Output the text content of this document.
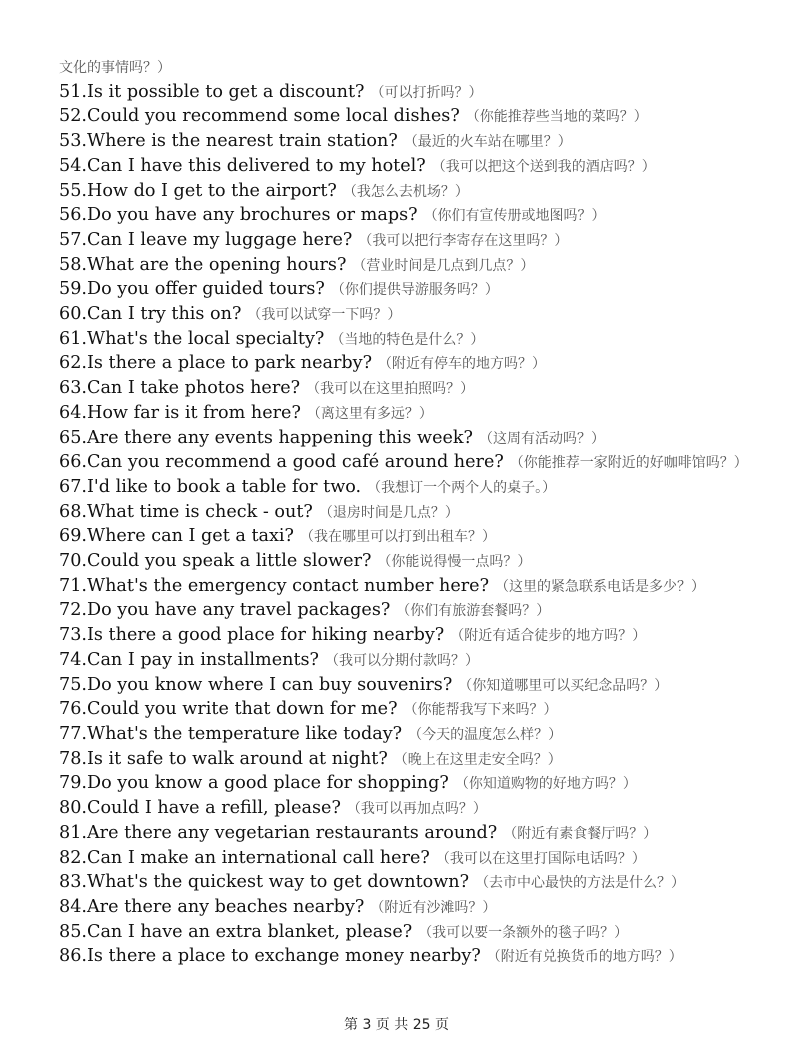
文化的事情吗？）
51.Is it possible to get a discount? （可以打折吗？）
52.Could you recommend some local dishes? （你能推荐些当地的菜吗？）
53.Where is the nearest train station? （最近的火车站在哪里？）
54.Can I have this delivered to my hotel? （我可以把这个送到我的酒店吗？）
55.How do I get to the airport? （我怎么去机场？）
56.Do you have any brochures or maps? （你们有宣传册或地图吗？）
57.Can I leave my luggage here? （我可以把行李寄存在这里吗？）
58.What are the opening hours? （营业时间是几点到几点？）
59.Do you offer guided tours? （你们提供导游服务吗？）
60.Can I try this on? （我可以试穿一下吗？）
61.What's the local specialty? （当地的特色是什么？）
62.Is there a place to park nearby? （附近有停车的地方吗？）
63.Can I take photos here? （我可以在这里拍照吗？）
64.How far is it from here? （离这里有多远？）
65.Are there any events happening this week? （这周有活动吗？）
66.Can you recommend a good café around here? （你能推荐一家附近的好咖啡馆吗？）
67.I'd like to book a table for two. （我想订一个两个人的桌子。）
68.What time is check - out? （退房时间是几点？）
69.Where can I get a taxi? （我在哪里可以打到出租车？）
70.Could you speak a little slower? （你能说得慢一点吗？）
71.What's the emergency contact number here? （这里的紧急联系电话是多少？）
72.Do you have any travel packages? （你们有旅游套餐吗？）
73.Is there a good place for hiking nearby? （附近有适合徒步的地方吗？）
74.Can I pay in installments? （我可以分期付款吗？）
75.Do you know where I can buy souvenirs? （你知道哪里可以买纪念品吗？）
76.Could you write that down for me? （你能帮我写下来吗？）
77.What's the temperature like today? （今天的温度怎么样？）
78.Is it safe to walk around at night? （晚上在这里走安全吗？）
79.Do you know a good place for shopping? （你知道购物的好地方吗？）
80.Could I have a refill, please? （我可以再加点吗？）
81.Are there any vegetarian restaurants around? （附近有素食餐厅吗？）
82.Can I make an international call here? （我可以在这里打国际电话吗？）
83.What's the quickest way to get downtown? （去市中心最快的方法是什么？）
84.Are there any beaches nearby? （附近有沙滩吗？）
85.Can I have an extra blanket, please? （我可以要一条额外的毯子吗？）
86.Is there a place to exchange money nearby? （附近有兑换货币的地方吗？）
第 3 页 共 25 页
